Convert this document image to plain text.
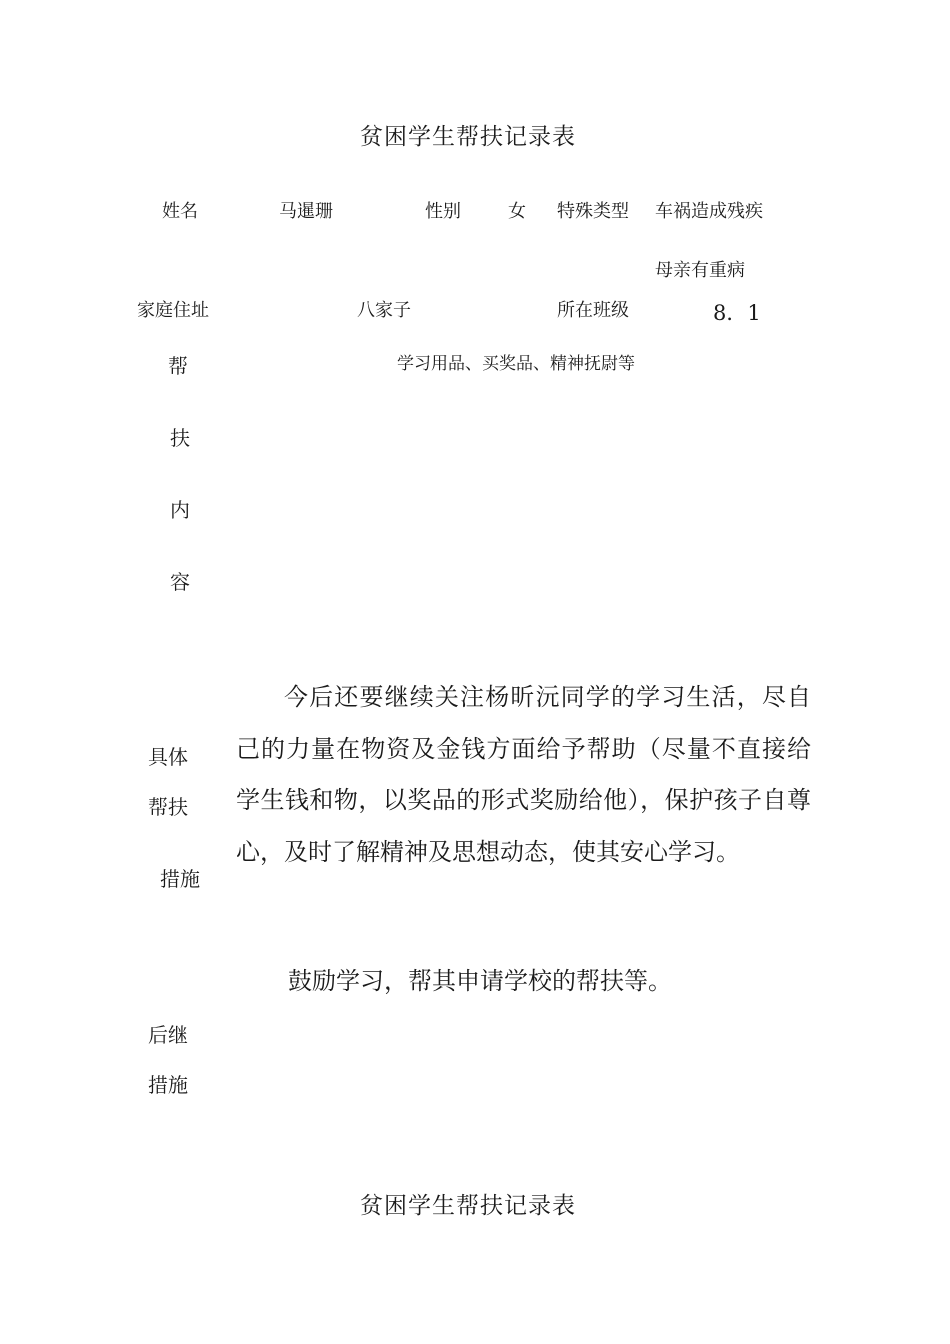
贫困学生帮扶记录表
姓名	马暹珊	性别	女 特殊类型 车祸造成残疾
母亲有重病
家庭住址	八家子	所在班级	8．1
帮
扶
内
容
学习用品、买奖品、精神抚尉等
具体
帮扶
措施

今后还要继续关注杨昕沅同学的学习生活，尽自己的力量在物资及金钱方面给予帮助（尽量不直接给学生钱和物，以奖品的形式奖励给他），保护孩子自尊心，及时了解精神及思想动态，使其安心学习。

鼓励学习，帮其申请学校的帮扶等。
后继
措施
贫困学生帮扶记录表
